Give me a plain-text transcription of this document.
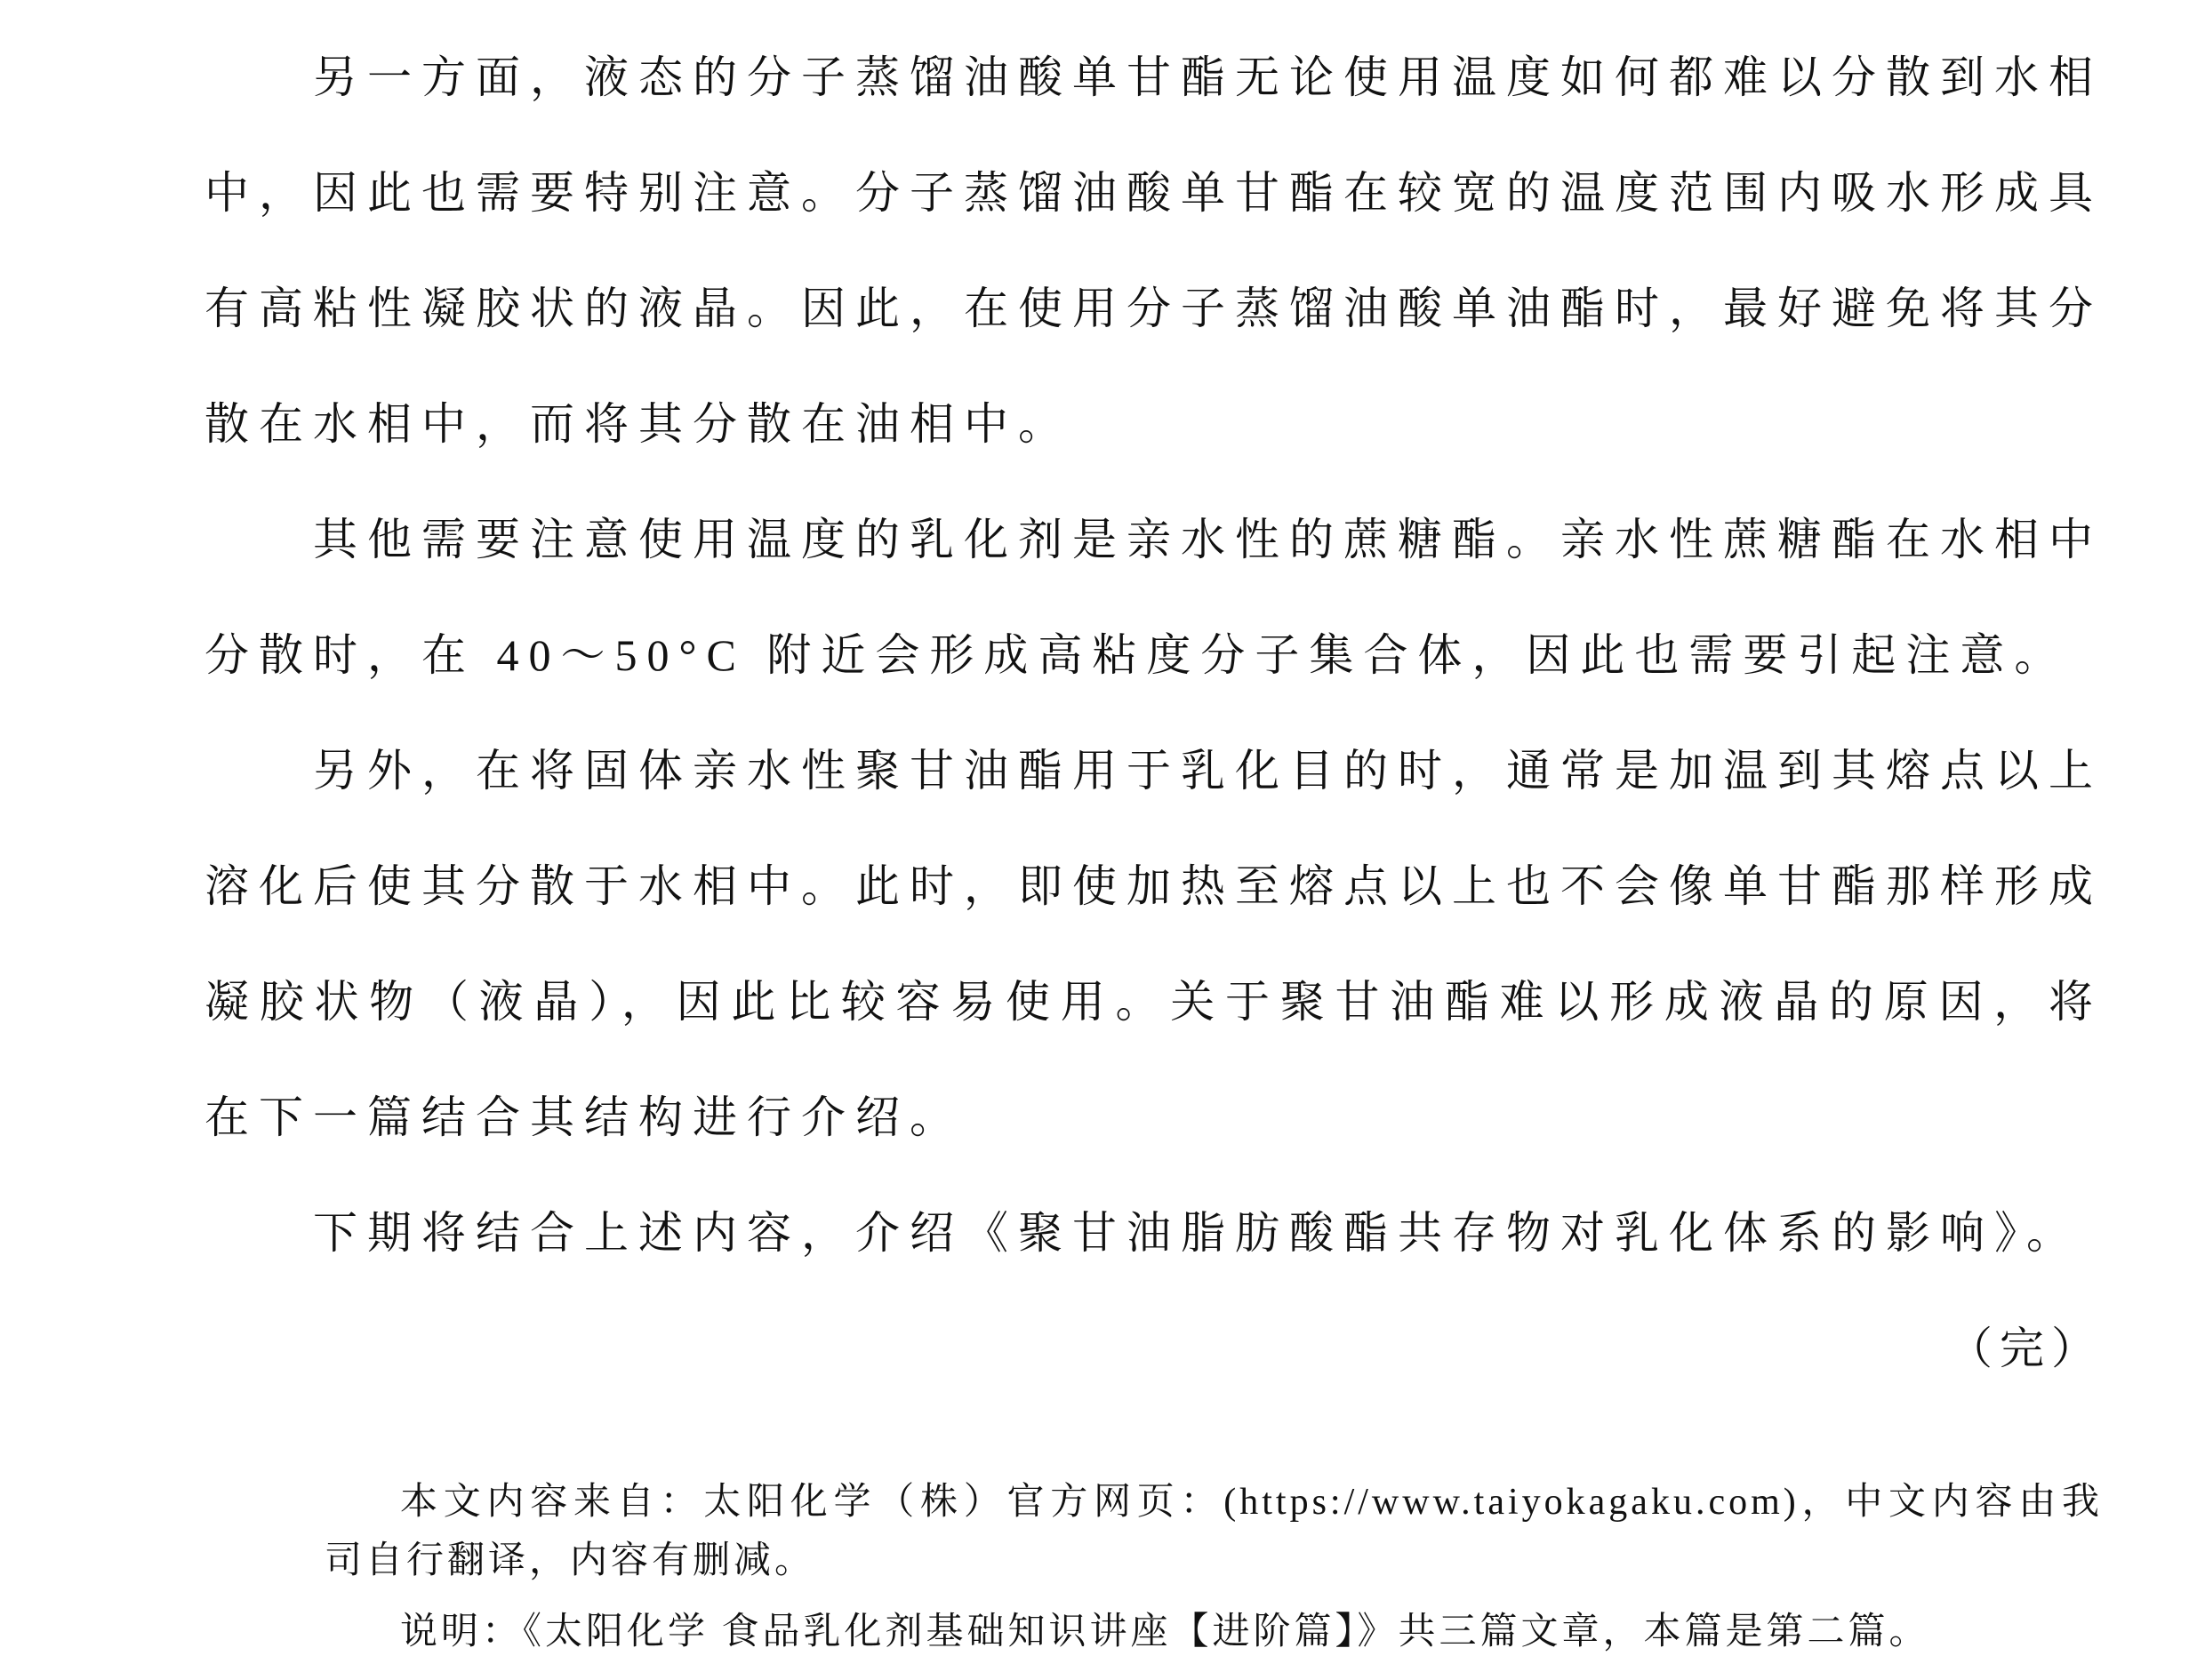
另一方面，液态的分子蒸馏油酸单甘酯无论使用温度如何都难以分散到水相
中，因此也需要特别注意。分子蒸馏油酸单甘酯在较宽的温度范围内吸水形成具
有高粘性凝胶状的液晶。因此，在使用分子蒸馏油酸单油酯时，最好避免将其分
散在水相中，而将其分散在油相中。
其他需要注意使用温度的乳化剂是亲水性的蔗糖酯。亲水性蔗糖酯在水相中
分散时，在 40～50°C 附近会形成高粘度分子集合体，因此也需要引起注意。
另外，在将固体亲水性聚甘油酯用于乳化目的时，通常是加温到其熔点以上
溶化后使其分散于水相中。此时，即使加热至熔点以上也不会像单甘酯那样形成
凝胶状物（液晶），因此比较容易使用。关于聚甘油酯难以形成液晶的原因，将
在下一篇结合其结构进行介绍。
下期将结合上述内容，介绍《聚甘油脂肪酸酯共存物对乳化体系的影响》。
（完）
本文内容来自：太阳化学（株）官方网页：(https://www.taiyokagaku.com)，中文内容由我
司自行翻译，内容有删减。
说明：《太阳化学 食品乳化剂基础知识讲座【进阶篇】》共三篇文章，本篇是第二篇。
